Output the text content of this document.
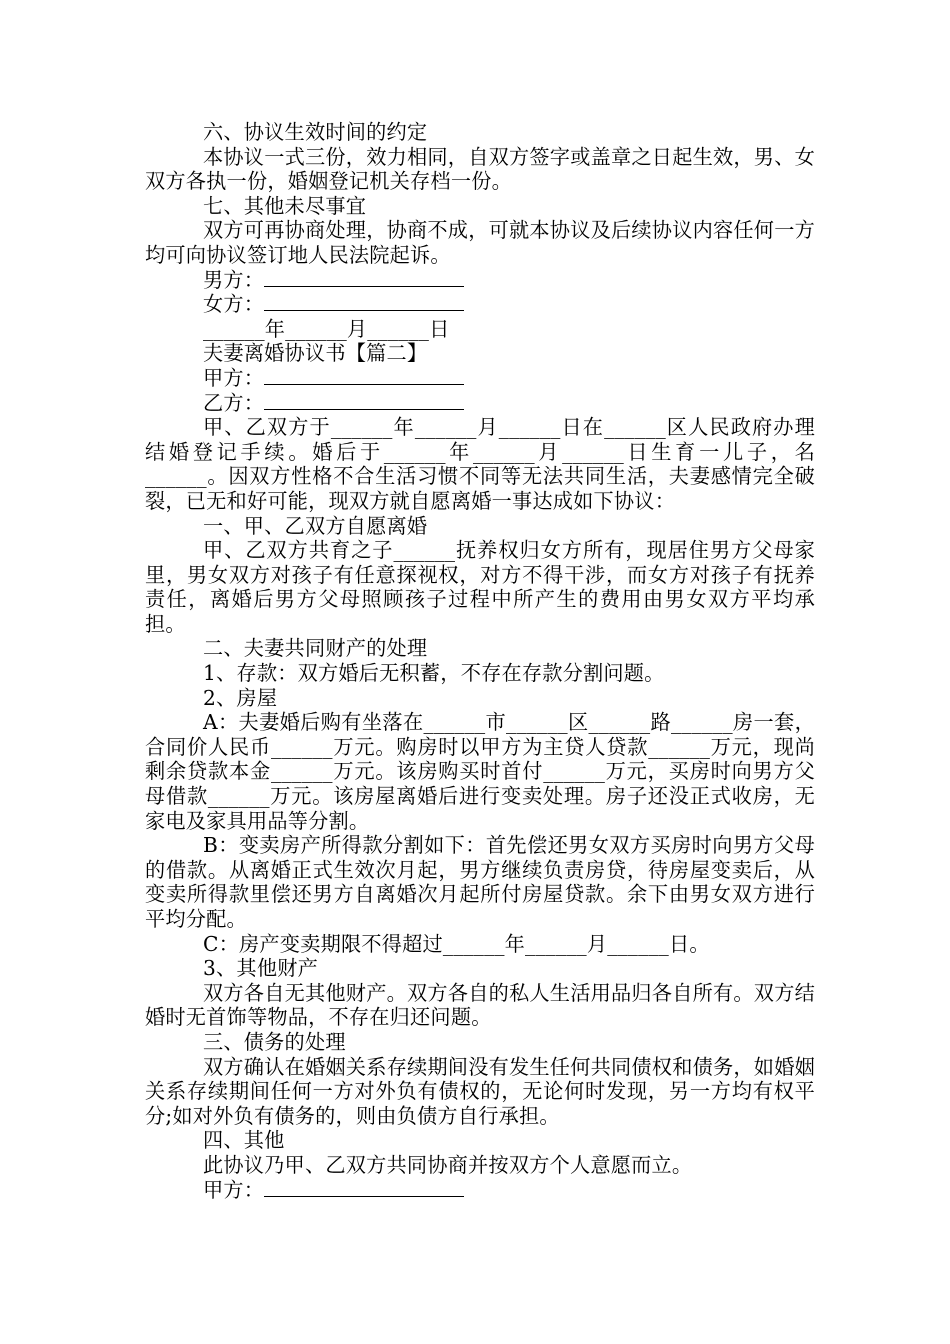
六、协议生效时间的约定

本协议一式三份，效力相同，自双方签字或盖章之日起生效，男、女双方各执一份，婚姻登记机关存档一份。

七、其他未尽事宜

双方可再协商处理，协商不成，可就本协议及后续协议内容任何一方均可向协议签订地人民法院起诉。

男方：

女方：

______年______月______日

夫妻离婚协议书【篇二】

甲方：

乙方：

甲、乙双方于______年______月______日在______区人民政府办理结婚登记手续。婚后于______年______月______日生育一儿子，名______。因双方性格不合生活习惯不同等无法共同生活，夫妻感情完全破裂，已无和好可能，现双方就自愿离婚一事达成如下协议：

一、甲、乙双方自愿离婚

甲、乙双方共育之子______抚养权归女方所有，现居住男方父母家里，男女双方对孩子有任意探视权，对方不得干涉，而女方对孩子有抚养责任，离婚后男方父母照顾孩子过程中所产生的费用由男女双方平均承担。

二、夫妻共同财产的处理

1、存款：双方婚后无积蓄，不存在存款分割问题。

2、房屋

A：夫妻婚后购有坐落在______市______区______路______房一套，合同价人民币______万元。购房时以甲方为主贷人贷款______万元，现尚剩余贷款本金______万元。该房购买时首付______万元，买房时向男方父母借款______万元。该房屋离婚后进行变卖处理。房子还没正式收房，无家电及家具用品等分割。

B：变卖房产所得款分割如下：首先偿还男女双方买房时向男方父母的借款。从离婚正式生效次月起，男方继续负责房贷，待房屋变卖后，从变卖所得款里偿还男方自离婚次月起所付房屋贷款。余下由男女双方进行平均分配。

C：房产变卖期限不得超过______年______月______日。

3、其他财产

双方各自无其他财产。双方各自的私人生活用品归各自所有。双方结婚时无首饰等物品，不存在归还问题。

三、债务的处理

双方确认在婚姻关系存续期间没有发生任何共同债权和债务，如婚姻关系存续期间任何一方对外负有债权的，无论何时发现，另一方均有权平分;如对外负有债务的，则由负债方自行承担。

四、其他

此协议乃甲、乙双方共同协商并按双方个人意愿而立。

甲方：
